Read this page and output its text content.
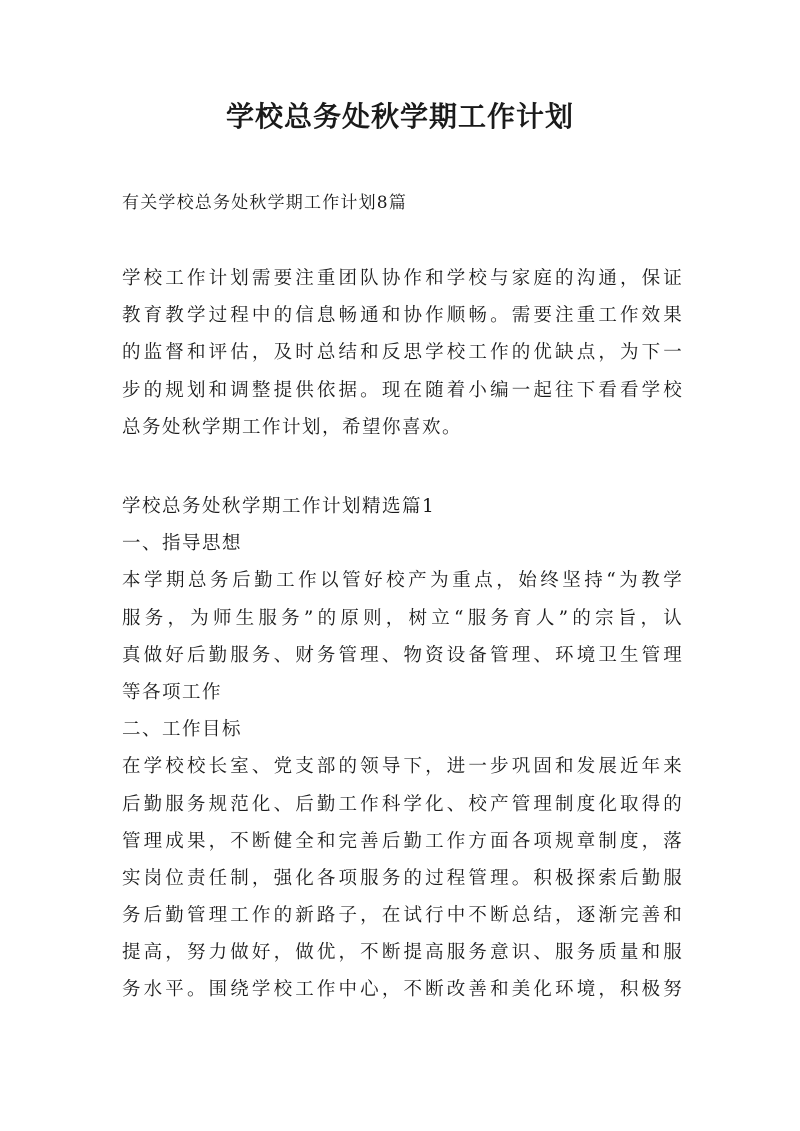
学校总务处秋学期工作计划

有关学校总务处秋学期工作计划8篇

学校工作计划需要注重团队协作和学校与家庭的沟通，保证
教育教学过程中的信息畅通和协作顺畅。需要注重工作效果
的监督和评估，及时总结和反思学校工作的优缺点，为下一
步的规划和调整提供依据。现在随着小编一起往下看看学校
总务处秋学期工作计划，希望你喜欢。
学校总务处秋学期工作计划精选篇1
一、指导思想
本学期总务后勤工作以管好校产为重点，始终坚持“为教学
服务，为师生服务”的原则，树立“服务育人”的宗旨，认
真做好后勤服务、财务管理、物资设备管理、环境卫生管理
等各项工作
二、工作目标
在学校校长室、党支部的领导下，进一步巩固和发展近年来
后勤服务规范化、后勤工作科学化、校产管理制度化取得的
管理成果，不断健全和完善后勤工作方面各项规章制度，落
实岗位责任制，强化各项服务的过程管理。积极探索后勤服
务后勤管理工作的新路子，在试行中不断总结，逐渐完善和
提高，努力做好，做优，不断提高服务意识、服务质量和服
务水平。围绕学校工作中心，不断改善和美化环境，积极努
